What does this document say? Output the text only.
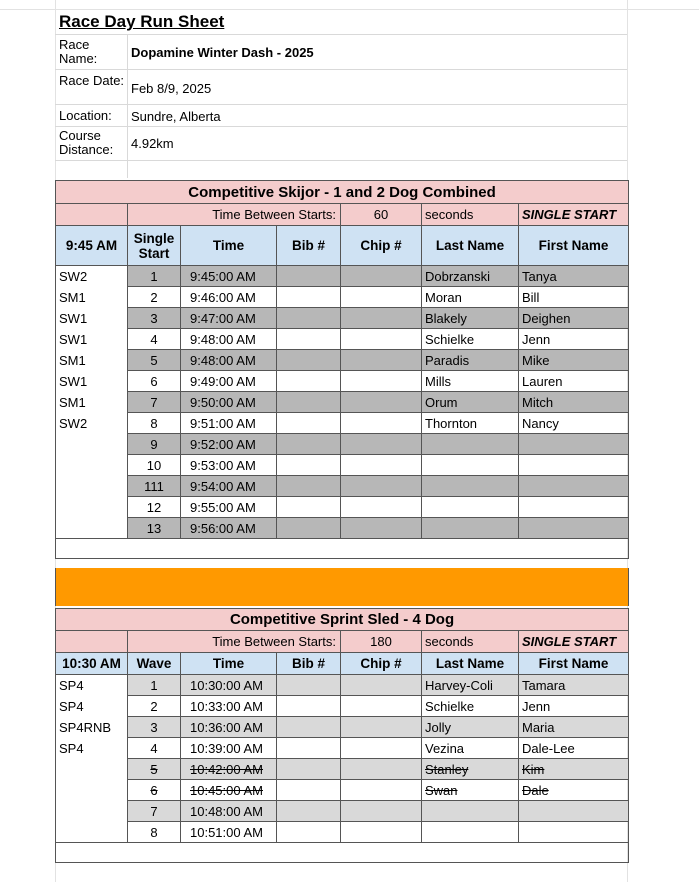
Race Day Run Sheet
Race Name:	Dopamine Winter Dash - 2025
Race Date:
Feb 8/9, 2025
Location:	Sundre, Alberta
Course Distance:	4.92km
Competitive Skijor - 1 and 2 Dog Combined						
	Time Between Starts:			60	seconds	SINGLE START
9:45 AM	Single Start	Time	Bib #	Chip #	Last Name	First Name
SW2	1	9:45:00 AM			Dobrzanski	Tanya
SM1	2	9:46:00 AM			Moran	Bill
SW1	3	9:47:00 AM			Blakely	Deighen
SW1	4	9:48:00 AM			Schielke	Jenn
SM1	5	9:48:00 AM			Paradis	Mike
SW1	6	9:49:00 AM			Mills	Lauren
SM1	7	9:50:00 AM			Orum	Mitch
SW2	8	9:51:00 AM			Thornton	Nancy
	9	9:52:00 AM				
	10	9:53:00 AM				
	111	9:54:00 AM				
	12	9:55:00 AM				
	13	9:56:00 AM				

Competitive Sprint Sled - 4 Dog						
	Time Between Starts:			180	seconds	SINGLE START
10:30 AM	Wave	Time	Bib #	Chip #	Last Name	First Name
SP4	1	10:30:00 AM			Harvey-Coli	Tamara
SP4	2	10:33:00 AM			Schielke	Jenn
SP4RNB	3	10:36:00 AM			Jolly	Maria
SP4	4	10:39:00 AM			Vezina	Dale-Lee
	5	10:42:00 AM			Stanley	Kim
	6	10:45:00 AM			Swan	Dale
	7	10:48:00 AM				
	8	10:51:00 AM				
